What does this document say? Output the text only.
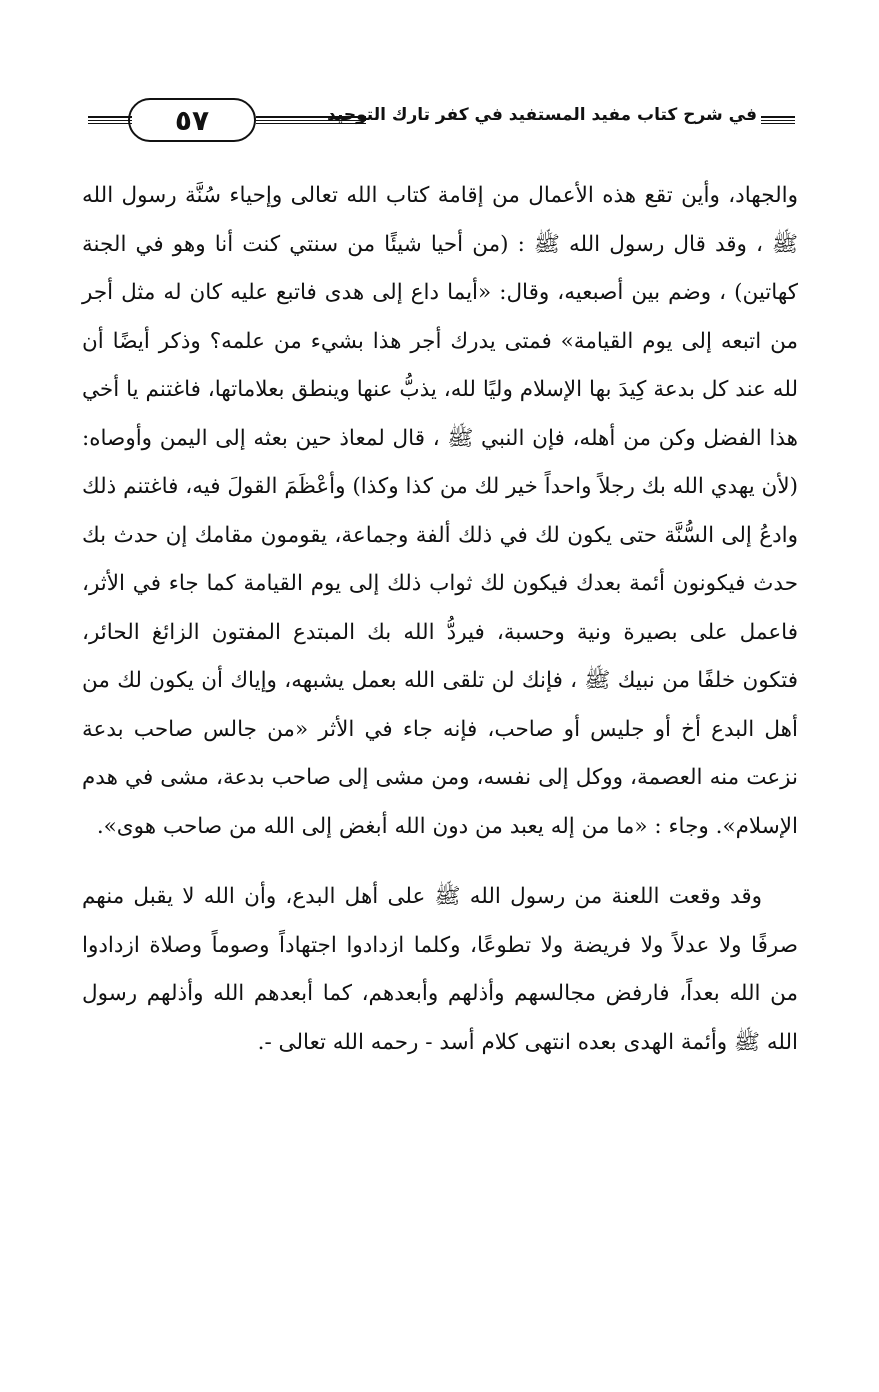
٥٧	في شرح كتاب مفيد المستفيد في كفر تارك التوحيد

والجهاد، وأين تقع هذه الأعمال من إقامة كتاب الله تعالى وإحياء سُنَّة رسول الله ﷺ ، وقد قال رسول الله ﷺ : (من أحيا شيئًا من سنتي كنت أنا وهو في الجنة كهاتين) ، وضم بين أصبعيه، وقال: «أيما داع إلى هدى فاتبع عليه كان له مثل أجر من اتبعه إلى يوم القيامة» فمتى يدرك أجر هذا بشيء من علمه؟ وذكر أيضًا أن لله عند كل بدعة كِيدَ بها الإسلام وليًا لله، يذبُّ عنها وينطق بعلاماتها، فاغتنم يا أخي هذا الفضل وكن من أهله، فإن النبي ﷺ ، قال لمعاذ حين بعثه إلى اليمن وأوصاه: (لأن يهدي الله بك رجلاً واحداً خير لك من كذا وكذا) وأعْظَمَ القولَ فيه، فاغتنم ذلك وادعُ إلى السُّنَّة حتى يكون لك في ذلك ألفة وجماعة، يقومون مقامك إن حدث بك حدث فيكونون أئمة بعدك فيكون لك ثواب ذلك إلى يوم القيامة كما جاء في الأثر، فاعمل على بصيرة ونية وحسبة، فيردُّ الله بك المبتدع المفتون الزائغ الحائر، فتكون خلفًا من نبيك ﷺ ، فإنك لن تلقى الله بعمل يشبهه، وإياك أن يكون لك من أهل البدع أخ أو جليس أو صاحب، فإنه جاء في الأثر «من جالس صاحب بدعة نزعت منه العصمة، ووكل إلى نفسه، ومن مشى إلى صاحب بدعة، مشى في هدم الإسلام». وجاء : «ما من إله يعبد من دون الله أبغض إلى الله من صاحب هوى».

وقد وقعت اللعنة من رسول الله ﷺ على أهل البدع، وأن الله لا يقبل منهم صرفًا ولا عدلاً ولا فريضة ولا تطوعًا، وكلما ازدادوا اجتهاداً وصوماً وصلاة ازدادوا من الله بعداً، فارفض مجالسهم وأذلهم وأبعدهم، كما أبعدهم الله وأذلهم رسول الله ﷺ وأئمة الهدى بعده انتهى كلام أسد - رحمه الله تعالى -.
